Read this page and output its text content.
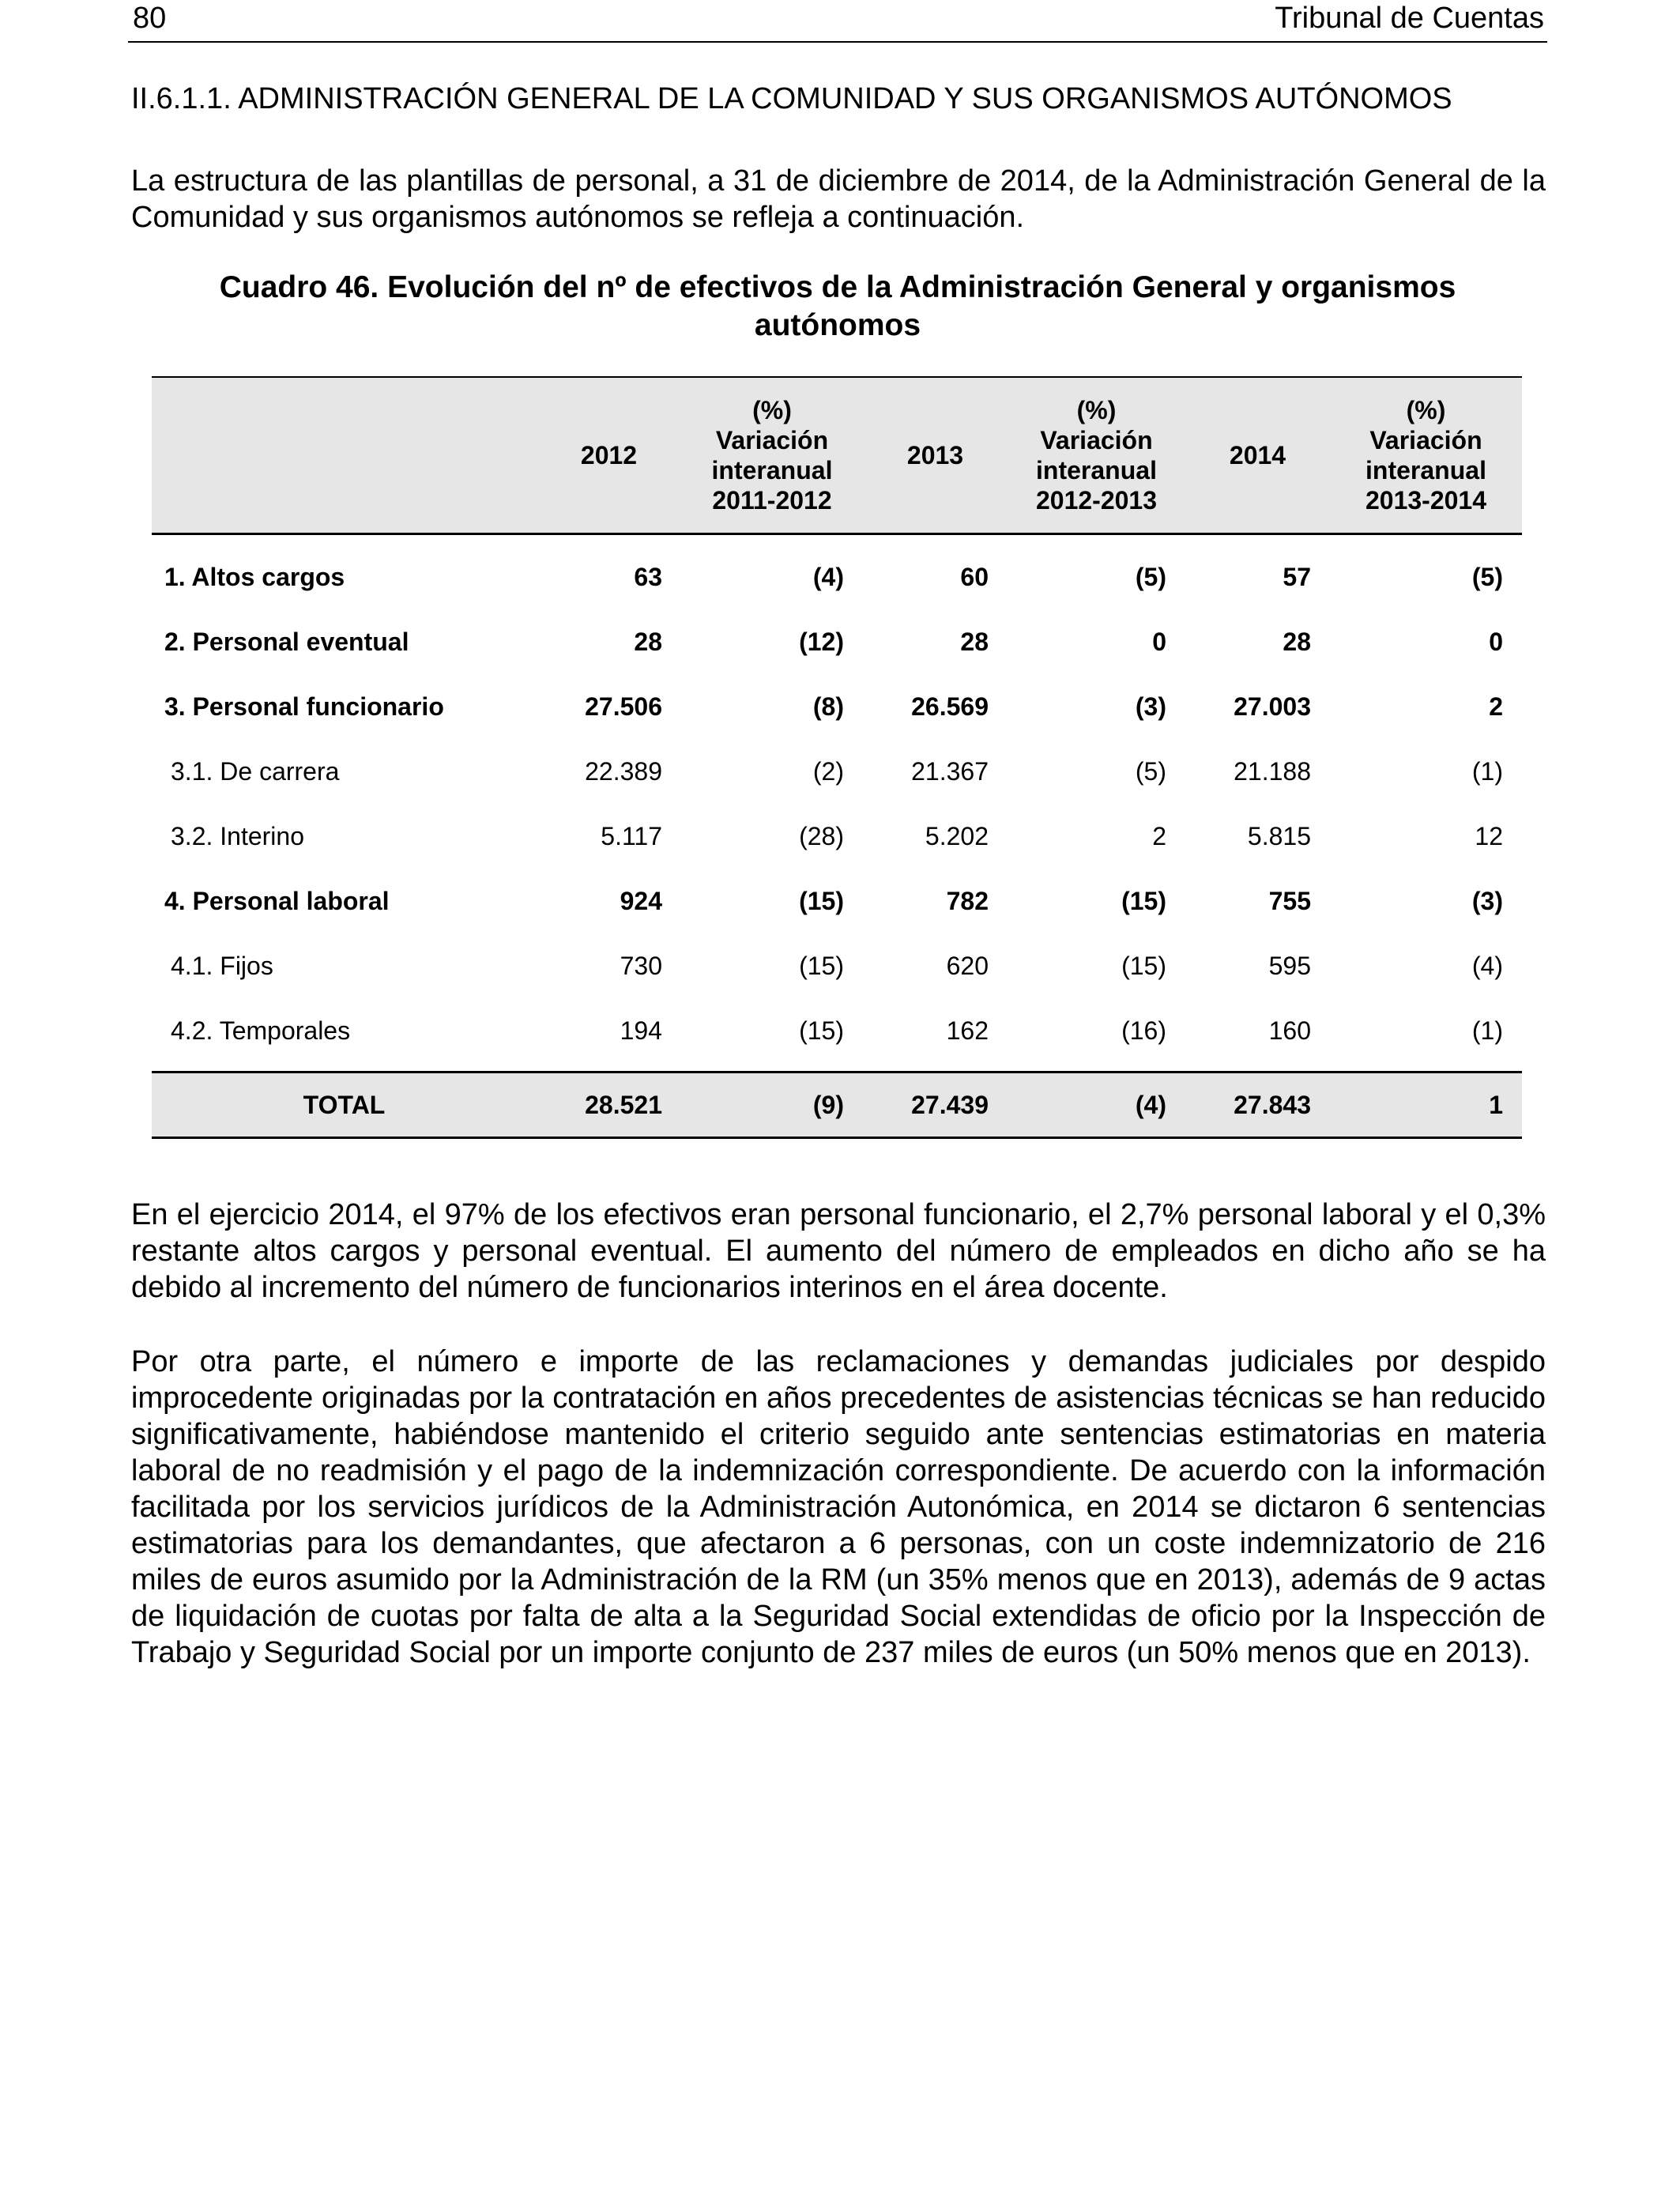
80	Tribunal de Cuentas
II.6.1.1. ADMINISTRACIÓN GENERAL DE LA COMUNIDAD Y SUS ORGANISMOS AUTÓNOMOS

La estructura de las plantillas de personal, a 31 de diciembre de 2014, de la Administración General de la Comunidad y sus organismos autónomos se refleja a continuación.

Cuadro 46. Evolución del nº de efectivos de la Administración General y organismos autónomos
	2012	(%)
Variación
interanual
2011-2012	2013	(%)
Variación
interanual
2012-2013	2014	(%)
Variación
interanual
2013-2014
1. Altos cargos	63	(4)	60	(5)	57	(5)
2. Personal eventual	28	(12)	28	0	28	0
3. Personal funcionario	27.506	(8)	26.569	(3)	27.003	2
3.1. De carrera	22.389	(2)	21.367	(5)	21.188	(1)
3.2. Interino	5.117	(28)	5.202	2	5.815	12
4. Personal laboral	924	(15)	782	(15)	755	(3)
4.1. Fijos	730	(15)	620	(15)	595	(4)
4.2. Temporales	194	(15)	162	(16)	160	(1)
TOTAL	28.521	(9)	27.439	(4)	27.843	1

En el ejercicio 2014, el 97% de los efectivos eran personal funcionario, el 2,7% personal laboral y el 0,3% restante altos cargos y personal eventual. El aumento del número de empleados en dicho año se ha debido al incremento del número de funcionarios interinos en el área docente.

Por otra parte, el número e importe de las reclamaciones y demandas judiciales por despido improcedente originadas por la contratación en años precedentes de asistencias técnicas se han reducido significativamente, habiéndose mantenido el criterio seguido ante sentencias estimatorias en materia laboral de no readmisión y el pago de la indemnización correspondiente. De acuerdo con la información facilitada por los servicios jurídicos de la Administración Autonómica, en 2014 se dictaron 6 sentencias estimatorias para los demandantes, que afectaron a 6 personas, con un coste indemnizatorio de 216 miles de euros asumido por la Administración de la RM (un 35% menos que en 2013), además de 9 actas de liquidación de cuotas por falta de alta a la Seguridad Social extendidas de oficio por la Inspección de Trabajo y Seguridad Social por un importe conjunto de 237 miles de euros (un 50% menos que en 2013).
